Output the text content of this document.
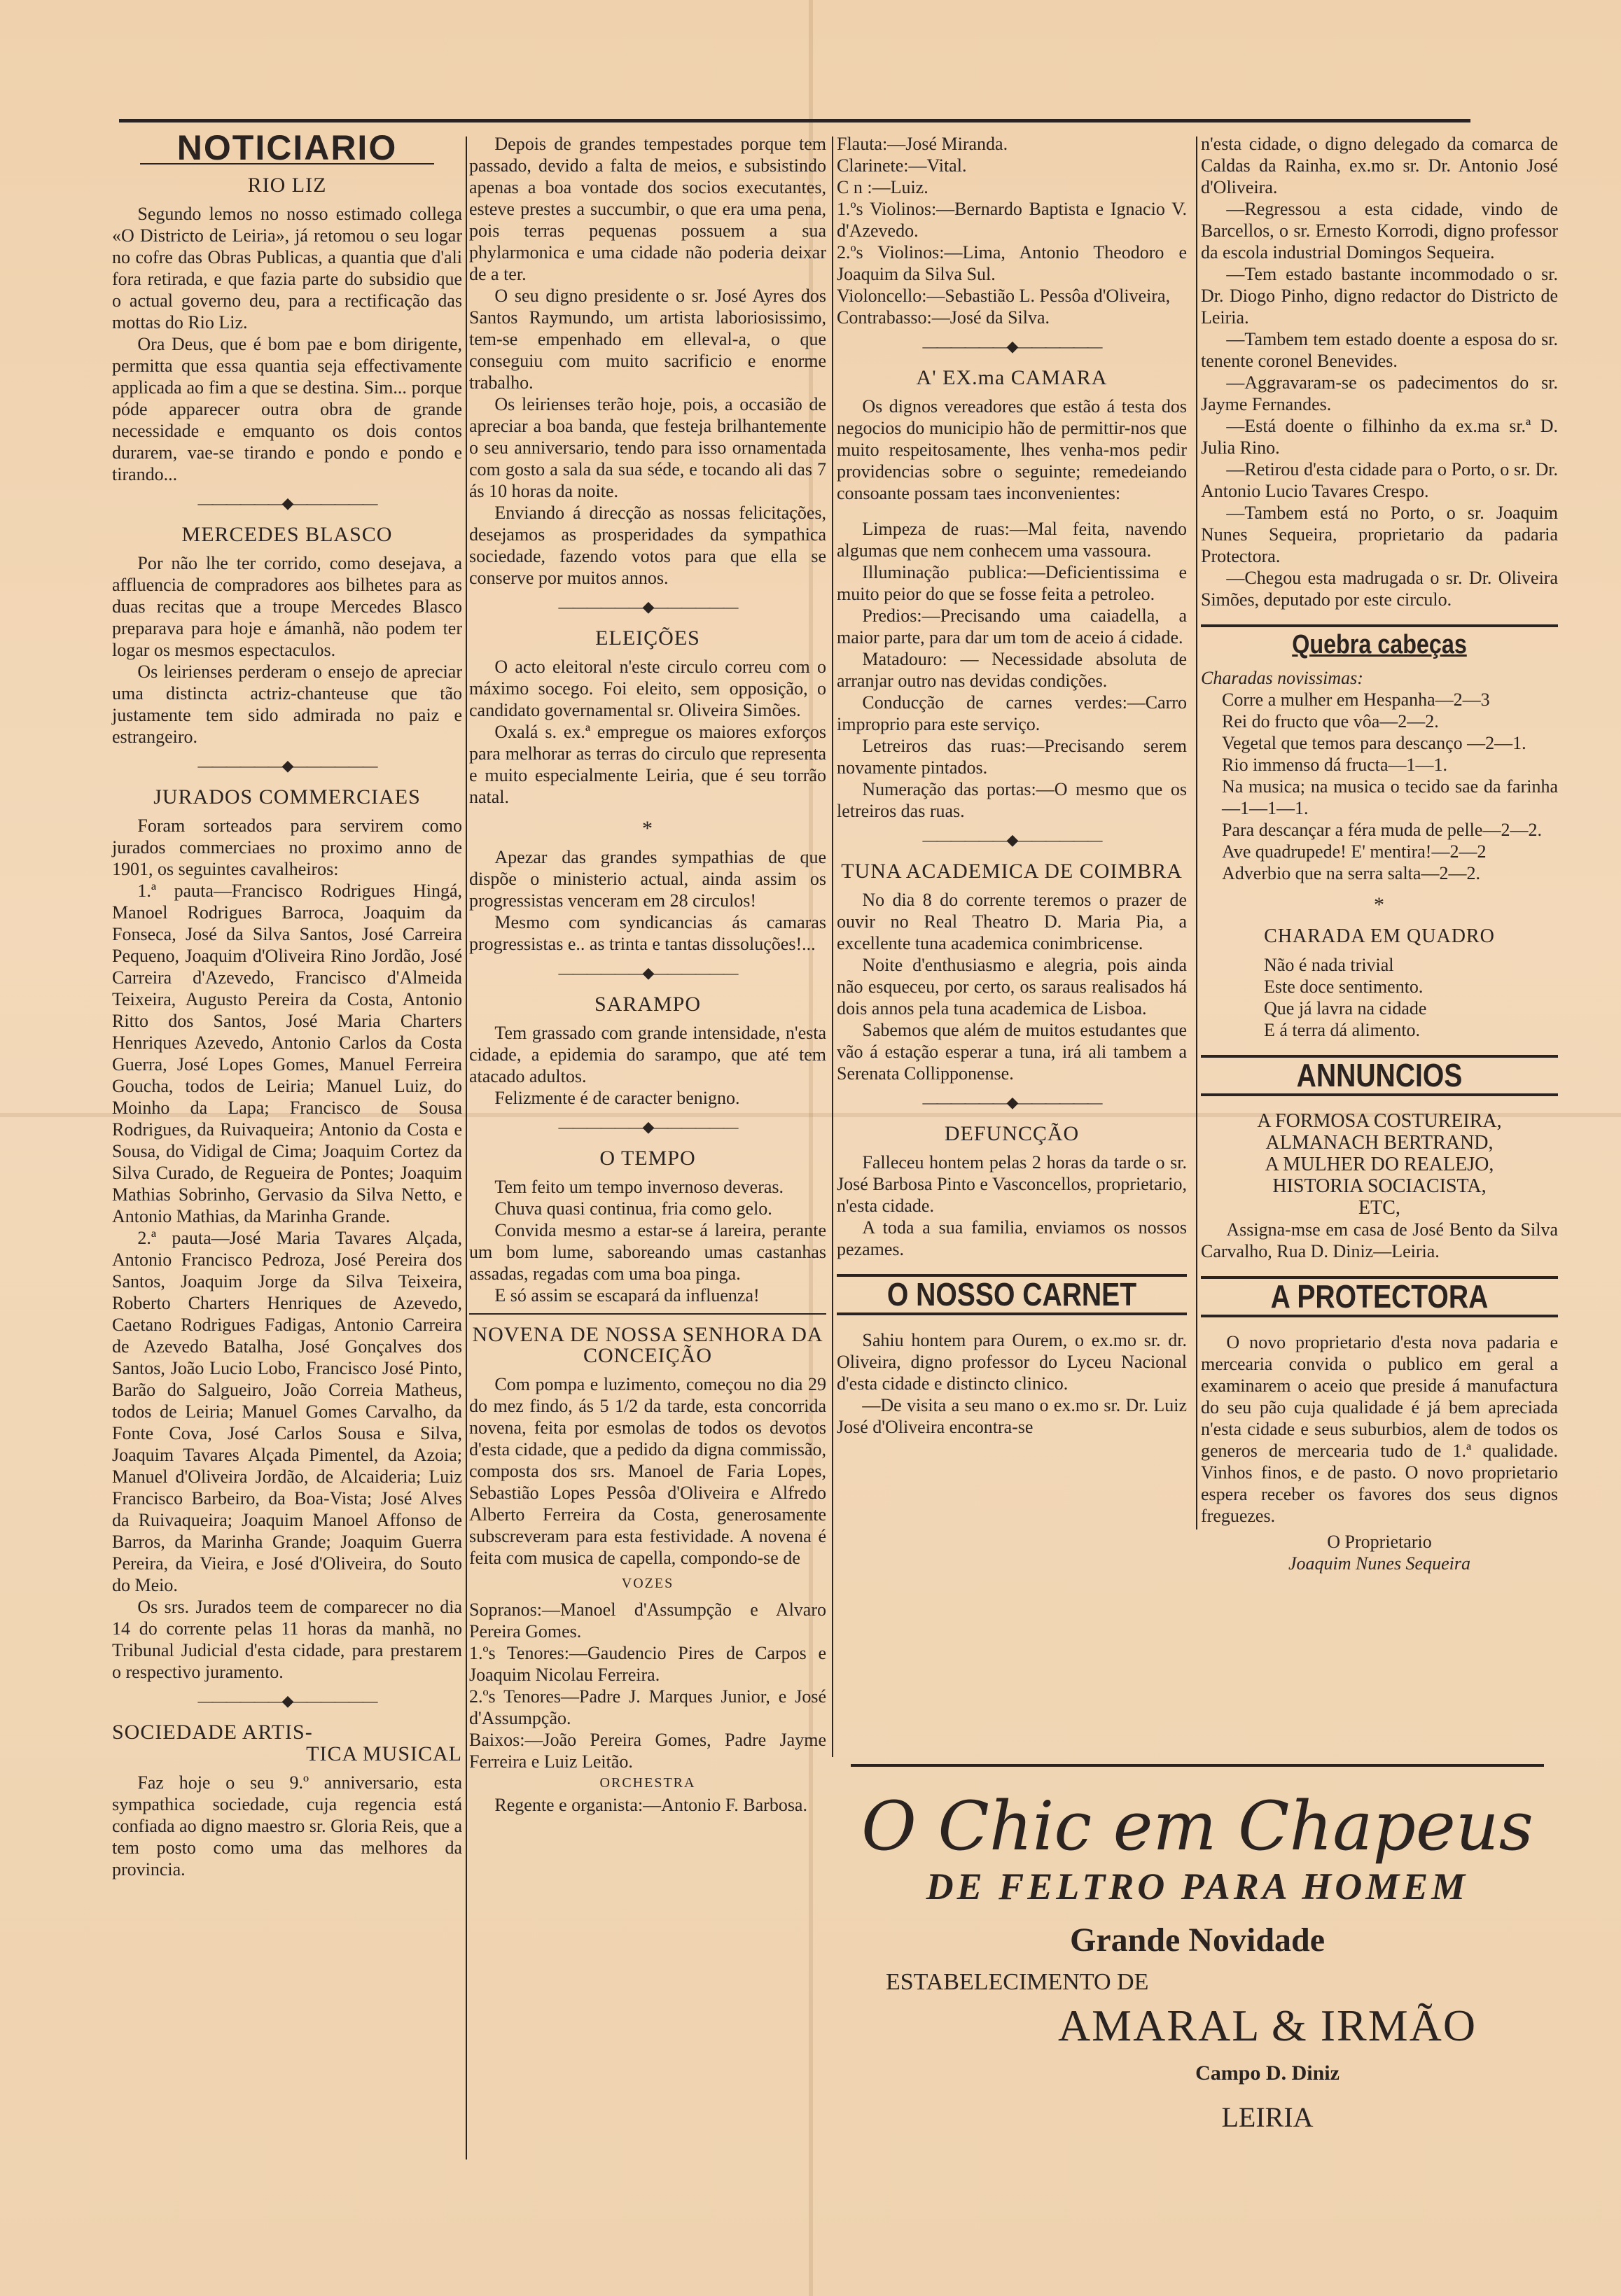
NOTICIARIO
RIO LIZ

Segundo lemos no nosso estimado collega «O Districto de Leiria», já retomou o seu logar no cofre das Obras Publicas, a quantia que d'ali fora retirada, e que fazia parte do subsidio que o actual governo deu, para a rectificação das mottas do Rio Liz.

Ora Deus, que é bom pae e bom dirigente, permitta que essa quantia seja effectivamente applicada ao fim a que se destina. Sim... porque póde apparecer outra obra de grande necessidade e emquanto os dois contos durarem, vae-se tirando e pondo e pondo e tirando...

——————◆——————
MERCEDES BLASCO

Por não lhe ter corrido, como desejava, a affluencia de compradores aos bilhetes para as duas recitas que a troupe Mercedes Blasco preparava para hoje e ámanhã, não podem ter logar os mesmos espectaculos.

Os leirienses perderam o ensejo de apreciar uma distincta actriz-chanteuse que tão justamente tem sido admirada no paiz e estrangeiro.

——————◆——————
JURADOS COMMERCIAES

Foram sorteados para servirem como jurados commerciaes no proximo anno de 1901, os seguintes cavalheiros:

1.ª pauta—Francisco Rodrigues Hingá, Manoel Rodrigues Barroca, Joaquim da Fonseca, José da Silva Santos, José Carreira Pequeno, Joaquim d'Oliveira Rino Jordão, José Carreira d'Azevedo, Francisco d'Almeida Teixeira, Augusto Pereira da Costa, Antonio Ritto dos Santos, José Maria Charters Henriques Azevedo, Antonio Carlos da Costa Guerra, José Lopes Gomes, Manuel Ferreira Goucha, todos de Leiria; Manuel Luiz, do Moinho da Lapa; Francisco de Sousa Rodrigues, da Ruivaqueira; Antonio da Costa e Sousa, do Vidigal de Cima; Joaquim Cortez da Silva Curado, de Regueira de Pontes; Joaquim Mathias Sobrinho, Gervasio da Silva Netto, e Antonio Mathias, da Marinha Grande.

2.ª pauta—José Maria Tavares Alçada, Antonio Francisco Pedroza, José Pereira dos Santos, Joaquim Jorge da Silva Teixeira, Roberto Charters Henriques de Azevedo, Caetano Rodrigues Fadigas, Antonio Carreira de Azevedo Batalha, José Gonçalves dos Santos, João Lucio Lobo, Francisco José Pinto, Barão do Salgueiro, João Correia Matheus, todos de Leiria; Manuel Gomes Carvalho, da Fonte Cova, José Carlos Sousa e Silva, Joaquim Tavares Alçada Pimentel, da Azoia; Manuel d'Oliveira Jordão, de Alcaideria; Luiz Francisco Barbeiro, da Boa-Vista; José Alves da Ruivaqueira; Joaquim Manoel Affonso de Barros, da Marinha Grande; Joaquim Guerra Pereira, da Vieira, e José d'Oliveira, do Souto do Meio.

Os srs. Jurados teem de comparecer no dia 14 do corrente pelas 11 horas da manhã, no Tribunal Judicial d'esta cidade, para prestarem o respectivo juramento.

——————◆——————
SOCIEDADE ARTIS-
TICA MUSICAL

Faz hoje o seu 9.º anniversario, esta sympathica sociedade, cuja regencia está confiada ao digno maestro sr. Gloria Reis, que a tem posto como uma das melhores da provincia.

Depois de grandes tempestades porque tem passado, devido a falta de meios, e subsistindo apenas a boa vontade dos socios executantes, esteve prestes a succumbir, o que era uma pena, pois terras pequenas possuem a sua phylarmonica e uma cidade não poderia deixar de a ter.

O seu digno presidente o sr. José Ayres dos Santos Raymundo, um artista laboriosissimo, tem-se empenhado em elleval-a, o que conseguiu com muito sacrificio e enorme trabalho.

Os leirienses terão hoje, pois, a occasião de apreciar a boa banda, que festeja brilhantemente o seu anniversario, tendo para isso ornamentada com gosto a sala da sua séde, e tocando ali das 7 ás 10 horas da noite.

Enviando á direcção as nossas felicitações, desejamos as prosperidades da sympathica sociedade, fazendo votos para que ella se conserve por muitos annos.

——————◆——————
ELEIÇÕES

O acto eleitoral n'este circulo correu com o máximo socego. Foi eleito, sem opposição, o candidato governamental sr. Oliveira Simões.

Oxalá s. ex.ª empregue os maiores exforços para melhorar as terras do circulo que representa e muito especialmente Leiria, que é seu torrão natal.

*

Apezar das grandes sympathias de que dispõe o ministerio actual, ainda assim os progressistas venceram em 28 circulos!

Mesmo com syndicancias ás camaras progressistas e.. as trinta e tantas dissoluções!...

——————◆——————
SARAMPO

Tem grassado com grande intensidade, n'esta cidade, a epidemia do sarampo, que até tem atacado adultos.

Felizmente é de caracter benigno.

——————◆——————
O TEMPO

Tem feito um tempo invernoso deveras.

Chuva quasi continua, fria como gelo.

Convida mesmo a estar-se á lareira, perante um bom lume, saboreando umas castanhas assadas, regadas com uma boa pinga.

E só assim se escapará da influenza!

NOVENA DE NOSSA SENHORA DA CONCEIÇÃO

Com pompa e luzimento, começou no dia 29 do mez findo, ás 5 1/2 da tarde, esta concorrida novena, feita por esmolas de todos os devotos d'esta cidade, que a pedido da digna commissão, composta dos srs. Manoel de Faria Lopes, Sebastião Lopes Pessôa d'Oliveira e Alfredo Alberto Ferreira da Costa, generosamente subscreveram para esta festividade. A novena é feita com musica de capella, compondo-se de

VOZES

Sopranos:—Manoel d'Assumpção e Alvaro Pereira Gomes.

1.ºs Tenores:—Gaudencio Pires de Carpos e Joaquim Nicolau Ferreira.

2.ºs Tenores—Padre J. Marques Junior, e José d'Assumpção.

Baixos:—João Pereira Gomes, Padre Jayme Ferreira e Luiz Leitão.

ORCHESTRA

Regente e organista:—Antonio F. Barbosa.

Flauta:—José Miranda.

Clarinete:—Vital.

C n :—Luiz.

1.ºs Violinos:—Bernardo Baptista e Ignacio V. d'Azevedo.

2.ºs Violinos:—Lima, Antonio Theodoro e Joaquim da Silva Sul.

Violoncello:—Sebastião L. Pessôa d'Oliveira,

Contrabasso:—José da Silva.

——————◆——————
A' EX.ma CAMARA

Os dignos vereadores que estão á testa dos negocios do municipio hão de permittir-nos que muito respeitosamente, lhes venha-mos pedir providencias sobre o seguinte; remedeiando consoante possam taes inconvenientes:

Limpeza de ruas:—Mal feita, navendo algumas que nem conhecem uma vassoura.

Illuminação publica:—Deficientissima e muito peior do que se fosse feita a petroleo.

Predios:—Precisando uma caiadella, a maior parte, para dar um tom de aceio á cidade.

Matadouro: — Necessidade absoluta de arranjar outro nas devidas condições.

Conducção de carnes verdes:—Carro improprio para este serviço.

Letreiros das ruas:—Precisando serem novamente pintados.

Numeração das portas:—O mesmo que os letreiros das ruas.

——————◆——————
TUNA ACADEMICA DE COIMBRA

No dia 8 do corrente teremos o prazer de ouvir no Real Theatro D. Maria Pia, a excellente tuna academica conimbricense.

Noite d'enthusiasmo e alegria, pois ainda não esqueceu, por certo, os saraus realisados há dois annos pela tuna academica de Lisboa.

Sabemos que além de muitos estudantes que vão á estação esperar a tuna, irá ali tambem a Serenata Collipponense.

——————◆——————
DEFUNCÇÃO

Falleceu hontem pelas 2 horas da tarde o sr. José Barbosa Pinto e Vasconcellos, proprietario, n'esta cidade.

A toda a sua familia, enviamos os nossos pezames.

O NOSSO CARNET

Sahiu hontem para Ourem, o ex.mo sr. dr. Oliveira, digno professor do Lyceu Nacional d'esta cidade e distincto clinico.

—De visita a seu mano o ex.mo sr. Dr. Luiz José d'Oliveira encontra-se

n'esta cidade, o digno delegado da comarca de Caldas da Rainha, ex.mo sr. Dr. Antonio José d'Oliveira.

—Regressou a esta cidade, vindo de Barcellos, o sr. Ernesto Korrodi, digno professor da escola industrial Domingos Sequeira.

—Tem estado bastante incommodado o sr. Dr. Diogo Pinho, digno redactor do Districto de Leiria.

—Tambem tem estado doente a esposa do sr. tenente coronel Benevides.

—Aggravaram-se os padecimentos do sr. Jayme Fernandes.

—Está doente o filhinho da ex.ma sr.ª D. Julia Rino.

—Retirou d'esta cidade para o Porto, o sr. Dr. Antonio Lucio Tavares Crespo.

—Tambem está no Porto, o sr. Joaquim Nunes Sequeira, proprietario da padaria Protectora.

—Chegou esta madrugada o sr. Dr. Oliveira Simões, deputado por este circulo.

Quebra cabeças

Charadas novissimas:

Corre a mulher em Hespanha—2—3

Rei do fructo que vôa—2—2.

Vegetal que temos para descanço —2—1.

Rio immenso dá fructa—1—1.

Na musica; na musica o tecido sae da farinha—1—1—1.

Para descançar a féra muda de pelle—2—2.

Ave quadrupede! E' mentira!—2—2

Adverbio que na serra salta—2—2.

*
CHARADA EM QUADRO

Não é nada trivial

Este doce sentimento.

Que já lavra na cidade

E á terra dá alimento.

ANNUNCIOS
A FORMOSA COSTUREIRA,
ALMANACH BERTRAND,
A MULHER DO REALEJO,
HISTORIA SOCIACISTA,
ETC,

Assigna-mse em casa de José Bento da Silva Carvalho, Rua D. Diniz—Leiria.

A PROTECTORA

O novo proprietario d'esta nova padaria e mercearia convida o publico em geral a examinarem o aceio que preside á manufactura do seu pão cuja qualidade é já bem apreciada n'esta cidade e seus suburbios, alem de todos os generos de mercearia tudo de 1.ª qualidade. Vinhos finos, e de pasto. O novo proprietario espera receber os favores dos seus dignos freguezes.

O Proprietario
Joaquim Nunes Sequeira
O Chic em Chapeus
DE FELTRO PARA HOMEM
Grande Novidade
ESTABELECIMENTO DE
AMARAL & IRMÃO
Campo D. Diniz
LEIRIA
